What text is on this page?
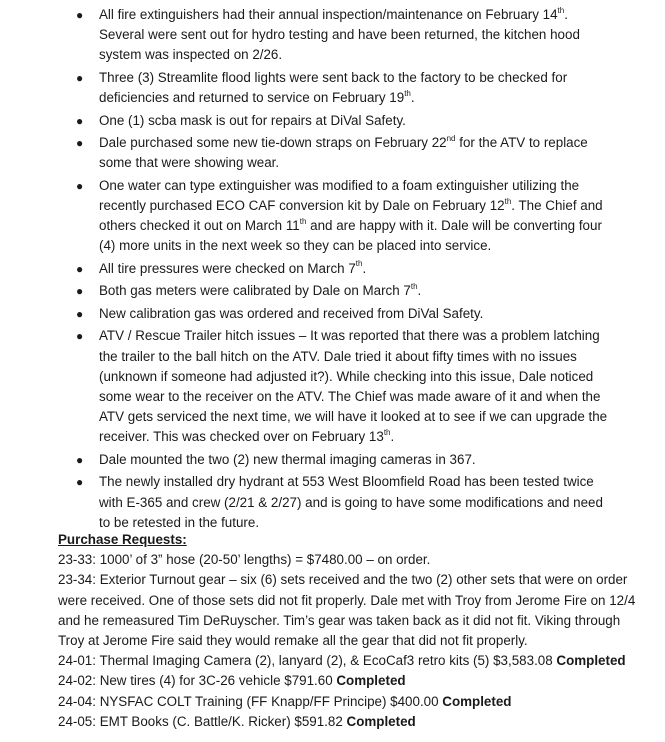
● All fire extinguishers had their annual inspection/maintenance on February 14th. Several were sent out for hydro testing and have been returned, the kitchen hood system was inspected on 2/26.
● Three (3) Streamlite flood lights were sent back to the factory to be checked for deficiencies and returned to service on February 19th.
● One (1) scba mask is out for repairs at DiVal Safety.
● Dale purchased some new tie-down straps on February 22nd for the ATV to replace some that were showing wear.
● One water can type extinguisher was modified to a foam extinguisher utilizing the recently purchased ECO CAF conversion kit by Dale on February 12th. The Chief and others checked it out on March 11th and are happy with it. Dale will be converting four (4) more units in the next week so they can be placed into service.
● All tire pressures were checked on March 7th.
● Both gas meters were calibrated by Dale on March 7th.
● New calibration gas was ordered and received from DiVal Safety.
● ATV / Rescue Trailer hitch issues – It was reported that there was a problem latching the trailer to the ball hitch on the ATV. Dale tried it about fifty times with no issues (unknown if someone had adjusted it?). While checking into this issue, Dale noticed some wear to the receiver on the ATV. The Chief was made aware of it and when the ATV gets serviced the next time, we will have it looked at to see if we can upgrade the receiver. This was checked over on February 13th.
● Dale mounted the two (2) new thermal imaging cameras in 367.
● The newly installed dry hydrant at 553 West Bloomfield Road has been tested twice with E-365 and crew (2/21 & 2/27) and is going to have some modifications and need to be retested in the future.
Purchase Requests:
23-33: 1000’ of 3” hose (20-50’ lengths) = $7480.00 – on order.
23-34: Exterior Turnout gear – six (6) sets received and the two (2) other sets that were on order were received. One of those sets did not fit properly. Dale met with Troy from Jerome Fire on 12/4 and he remeasured Tim DeRuyscher. Tim’s gear was taken back as it did not fit. Viking through Troy at Jerome Fire said they would remake all the gear that did not fit properly.
24-01: Thermal Imaging Camera (2), lanyard (2), & EcoCaf3 retro kits (5) $3,583.08 Completed
24-02: New tires (4) for 3C-26 vehicle $791.60 Completed
24-04: NYSFAC COLT Training (FF Knapp/FF Principe) $400.00 Completed
24-05: EMT Books (C. Battle/K. Ricker) $591.82 Completed
